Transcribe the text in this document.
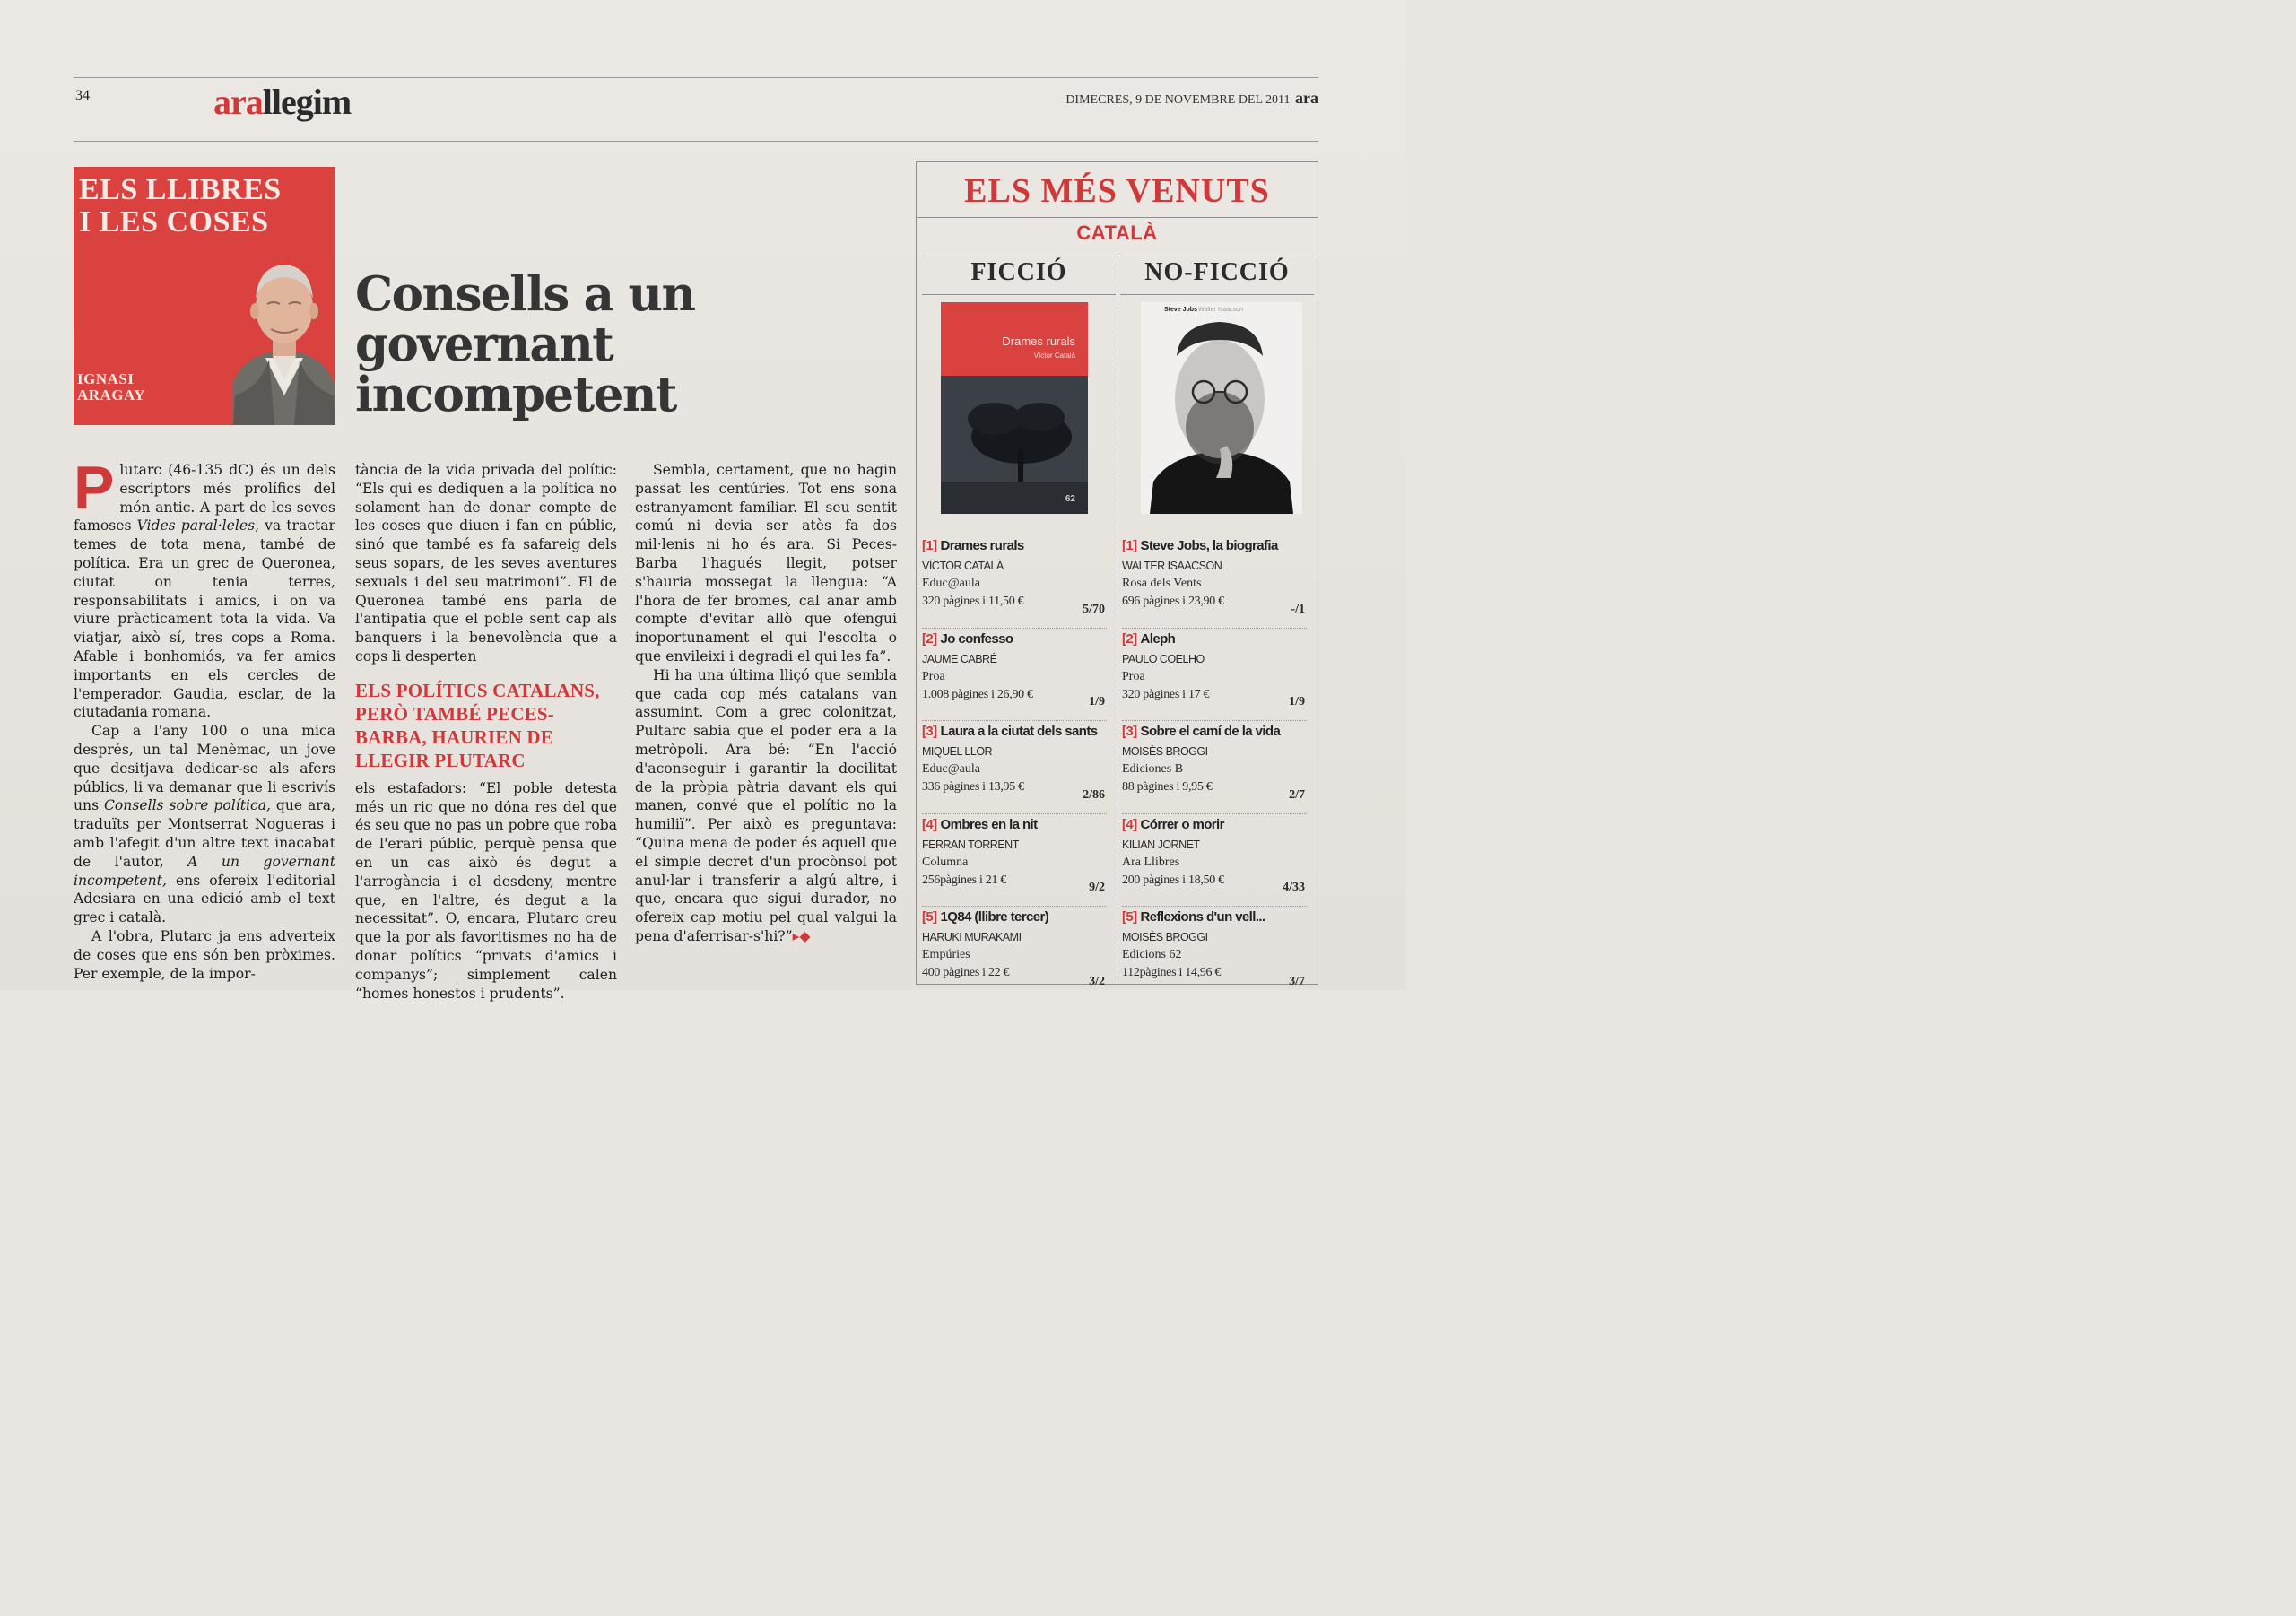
34	arallegim	DIMECRES, 9 DE NOVEMBRE DEL 2011 ara
ELS LLIBRES
I LES COSES
IGNASI
ARAGAY
Consells a un governant incompetent

Plutarc (46-135 dC) és un dels escriptors més prolífics del món antic. A part de les seves famoses Vides paral·leles, va tractar temes de tota mena, també de política. Era un grec de Queronea, ciutat on tenia terres, responsabilitats i amics, i on va viure pràcticament tota la vida. Va viatjar, això sí, tres cops a Roma. Afable i bonhomiós, va fer amics importants en els cercles de l'emperador. Gaudia, esclar, de la ciutadania romana.

Cap a l'any 100 o una mica després, un tal Menèmac, un jove que desitjava dedicar-se als afers públics, li va demanar que li escrivís uns Consells sobre política, que ara, traduïts per Montserrat Nogueras i amb l'afegit d'un altre text inacabat de l'autor, A un governant incompetent, ens ofereix l'editorial Adesiara en una edició amb el text grec i català.

A l'obra, Plutarc ja ens adverteix de coses que ens són ben pròximes. Per exemple, de la impor-

tància de la vida privada del polític: “Els qui es dediquen a la política no solament han de donar compte de les coses que diuen i fan en públic, sinó que també es fa safareig dels seus sopars, de les seves aventures sexuals i del seu matrimoni”. El de Queronea també ens parla de l'antipatia que el poble sent cap als banquers i la benevolència que a cops li desperten

ELS POLÍTICS CATALANS, PERÒ TAMBÉ PECES-BARBA, HAURIEN DE LLEGIR PLUTARC

els estafadors: “El poble detesta més un ric que no dóna res del que és seu que no pas un pobre que roba de l'erari públic, perquè pensa que en un cas això és degut a l'arrogància i el desdeny, mentre que, en l'altre, és degut a la necessitat”. O, encara, Plutarc creu que la por als favoritismes no ha de donar polítics “privats d'amics i companys”; simplement calen “homes honestos i prudents”.

Sembla, certament, que no hagin passat les centúries. Tot ens sona estranyament familiar. El seu sentit comú ni devia ser atès fa dos mil·lenis ni ho és ara. Si Peces-Barba l'hagués llegit, potser s'hauria mossegat la llengua: “A l'hora de fer bromes, cal anar amb compte d'evitar allò que ofengui inoportunament el qui l'escolta o que envileixi i degradi el qui les fa”.

Hi ha una última lliçó que sembla que cada cop més catalans van assumint. Com a grec colonitzat, Pultarc sabia que el poder era a la metròpoli. Ara bé: “En l'acció d'aconseguir i garantir la docilitat de la pròpia pàtria davant els qui manen, convé que el polític no la humiliï”. Per això es preguntava: “Quina mena de poder és aquell que el simple decret d'un procònsol pot anul·lar i transferir a algú altre, i que, encara que sigui durador, no ofereix cap motiu pel qual valgui la pena d'aferrisar-s'hi?”▸◆

ELS MÉS VENUTS
CATALÀ
FICCIÓ	NO-FICCIÓ
Drames rurals
Víctor Català
62
Steve Jobs Walter Isaacson
[1] Drames rurals
VÍCTOR CATALÀ
Educ@aula
320 pàgines i 11,50 €
5/70
[2] Jo confesso
JAUME CABRÉ
Proa
1.008 pàgines i 26,90 €
1/9
[3] Laura a la ciutat dels sants
MIQUEL LLOR
Educ@aula
336 pàgines i 13,95 €
2/86
[4] Ombres en la nit
FERRAN TORRENT
Columna
256pàgines i 21 €
9/2
[5] 1Q84 (llibre tercer)
HARUKI MURAKAMI
Empúries
400 pàgines i 22 €
3/2
[1] Steve Jobs, la biografia
WALTER ISAACSON
Rosa dels Vents
696 pàgines i 23,90 €
-/1
[2] Aleph
PAULO COELHO
Proa
320 pàgines i 17 €
1/9
[3] Sobre el camí de la vida
MOISÈS BROGGI
Ediciones B
88 pàgines i 9,95 €
2/7
[4] Córrer o morir
KILIAN JORNET
Ara Llibres
200 pàgines i 18,50 €
4/33
[5] Reflexions d'un vell...
MOISÈS BROGGI
Edicions 62
112pàgines i 14,96 €
3/7
